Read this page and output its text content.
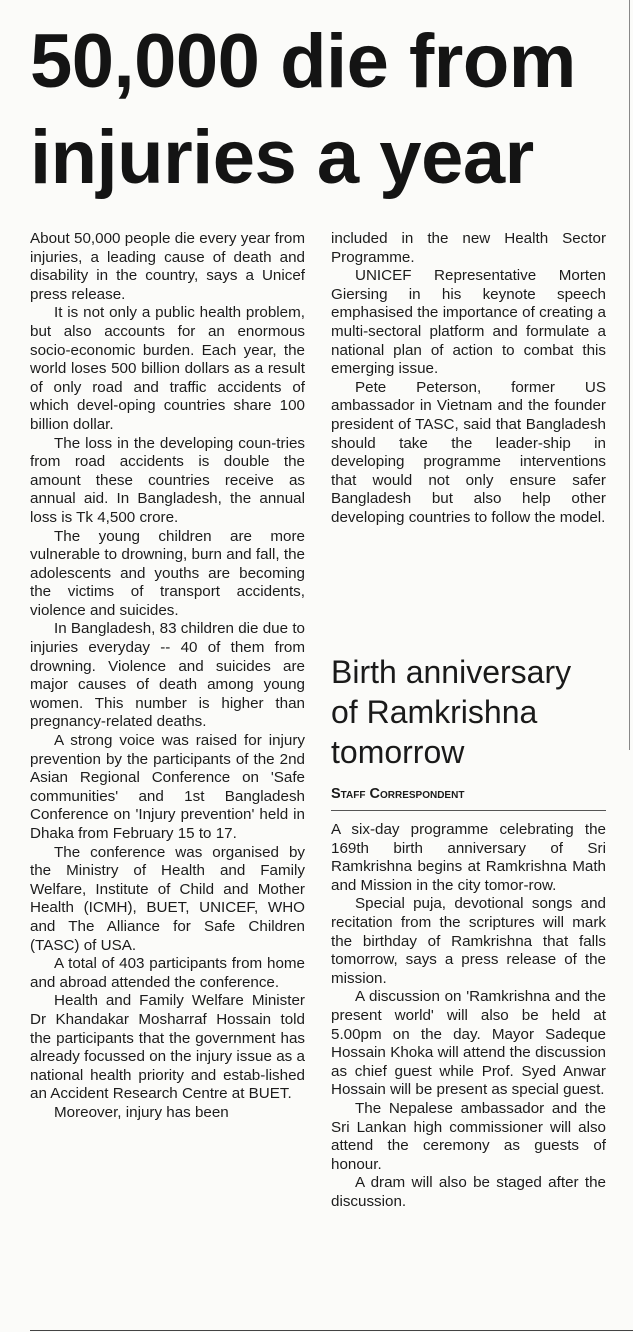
50,000 die from injuries a year

About 50,000 people die every year from injuries, a leading cause of death and disability in the country, says a Unicef press release.

It is not only a public health problem, but also accounts for an enormous socio-economic burden. Each year, the world loses 500 billion dollars as a result of only road and traffic accidents of which devel-oping countries share 100 billion dollar.

The loss in the developing coun-tries from road accidents is double the amount these countries receive as annual aid. In Bangladesh, the annual loss is Tk 4,500 crore.

The young children are more vulnerable to drowning, burn and fall, the adolescents and youths are becoming the victims of transport accidents, violence and suicides.

In Bangladesh, 83 children die due to injuries everyday -- 40 of them from drowning. Violence and suicides are major causes of death among young women. This number is higher than pregnancy-related deaths.

A strong voice was raised for injury prevention by the participants of the 2nd Asian Regional Conference on 'Safe communities' and 1st Bangladesh Conference on 'Injury prevention' held in Dhaka from February 15 to 17.

The conference was organised by the Ministry of Health and Family Welfare, Institute of Child and Mother Health (ICMH), BUET, UNICEF, WHO and The Alliance for Safe Children (TASC) of USA.

A total of 403 participants from home and abroad attended the conference.

Health and Family Welfare Minister Dr Khandakar Mosharraf Hossain told the participants that the government has already focussed on the injury issue as a national health priority and estab-lished an Accident Research Centre at BUET.

Moreover, injury has been

included in the new Health Sector Programme.

UNICEF Representative Morten Giersing in his keynote speech emphasised the importance of creating a multi-sectoral platform and formulate a national plan of action to combat this emerging issue.

Pete Peterson, former US ambassador in Vietnam and the founder president of TASC, said that Bangladesh should take the leader-ship in developing programme interventions that would not only ensure safer Bangladesh but also help other developing countries to follow the model.

Birth anniversary of Ramkrishna tomorrow
Staff Correspondent

A six-day programme celebrating the 169th birth anniversary of Sri Ramkrishna begins at Ramkrishna Math and Mission in the city tomor-row.

Special puja, devotional songs and recitation from the scriptures will mark the birthday of Ramkrishna that falls tomorrow, says a press release of the mission.

A discussion on 'Ramkrishna and the present world' will also be held at 5.00pm on the day. Mayor Sadeque Hossain Khoka will attend the discussion as chief guest while Prof. Syed Anwar Hossain will be present as special guest.

The Nepalese ambassador and the Sri Lankan high commissioner will also attend the ceremony as guests of honour.

A dram will also be staged after the discussion.
